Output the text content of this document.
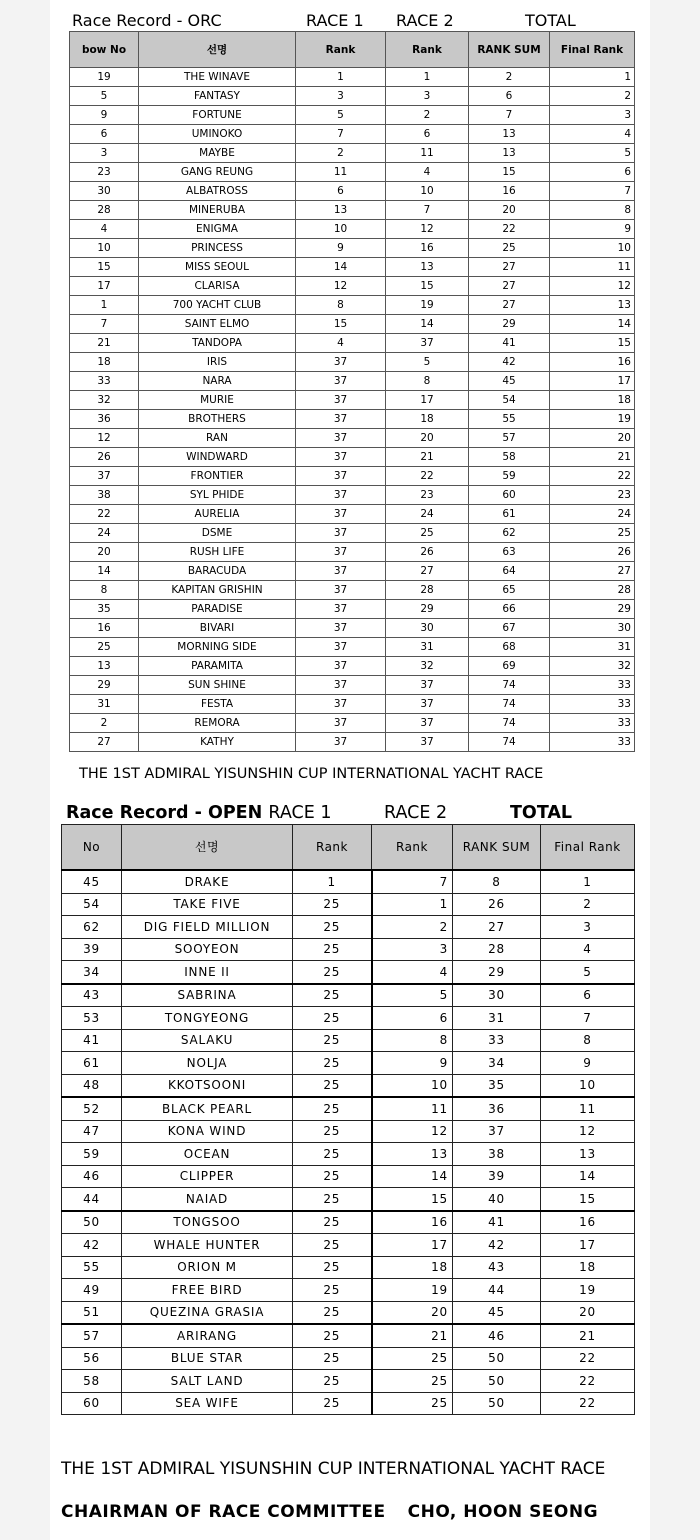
Race Record - ORC	RACE 1 RACE 2	TOTAL
bow No	선명	Rank	Rank	RANK SUM	Final Rank
19	THE WINAVE	1	1	2	1
5	FANTASY	3	3	6	2
9	FORTUNE	5	2	7	3
6	UMINOKO	7	6	13	4
3	MAYBE	2	11	13	5
23	GANG REUNG	11	4	15	6
30	ALBATROSS	6	10	16	7
28	MINERUBA	13	7	20	8
4	ENIGMA	10	12	22	9
10	PRINCESS	9	16	25	10
15	MISS SEOUL	14	13	27	11
17	CLARISA	12	15	27	12
1	700 YACHT CLUB	8	19	27	13
7	SAINT ELMO	15	14	29	14
21	TANDOPA	4	37	41	15
18	IRIS	37	5	42	16
33	NARA	37	8	45	17
32	MURIE	37	17	54	18
36	BROTHERS	37	18	55	19
12	RAN	37	20	57	20
26	WINDWARD	37	21	58	21
37	FRONTIER	37	22	59	22
38	SYL PHIDE	37	23	60	23
22	AURELIA	37	24	61	24
24	DSME	37	25	62	25
20	RUSH LIFE	37	26	63	26
14	BARACUDA	37	27	64	27
8	KAPITAN GRISHIN	37	28	65	28
35	PARADISE	37	29	66	29
16	BIVARI	37	30	67	30
25	MORNING SIDE	37	31	68	31
13	PARAMITA	37	32	69	32
29	SUN SHINE	37	37	74	33
31	FESTA	37	37	74	33
2	REMORA	37	37	74	33
27	KATHY	37	37	74	33
THE 1ST ADMIRAL YISUNSHIN CUP INTERNATIONAL YACHT RACE
Race Record - OPEN RACE 1	RACE 2	TOTAL
No	선명	Rank	Rank	RANK SUM	Final Rank
45	DRAKE	1	7	8	1
54	TAKE FIVE	25	1	26	2
62	DIG FIELD MILLION	25	2	27	3
39	SOOYEON	25	3	28	4
34	INNE II	25	4	29	5
43	SABRINA	25	5	30	6
53	TONGYEONG	25	6	31	7
41	SALAKU	25	8	33	8
61	NOLJA	25	9	34	9
48	KKOTSOONI	25	10	35	10
52	BLACK PEARL	25	11	36	11
47	KONA WIND	25	12	37	12
59	OCEAN	25	13	38	13
46	CLIPPER	25	14	39	14
44	NAIAD	25	15	40	15
50	TONGSOO	25	16	41	16
42	WHALE HUNTER	25	17	42	17
55	ORION M	25	18	43	18
49	FREE BIRD	25	19	44	19
51	QUEZINA GRASIA	25	20	45	20
57	ARIRANG	25	21	46	21
56	BLUE STAR	25	25	50	22
58	SALT LAND	25	25	50	22
60	SEA WIFE	25	25	50	22
THE 1ST ADMIRAL YISUNSHIN CUP INTERNATIONAL YACHT RACE
CHAIRMAN OF RACE COMMITTEE CHO, HOON SEONG
